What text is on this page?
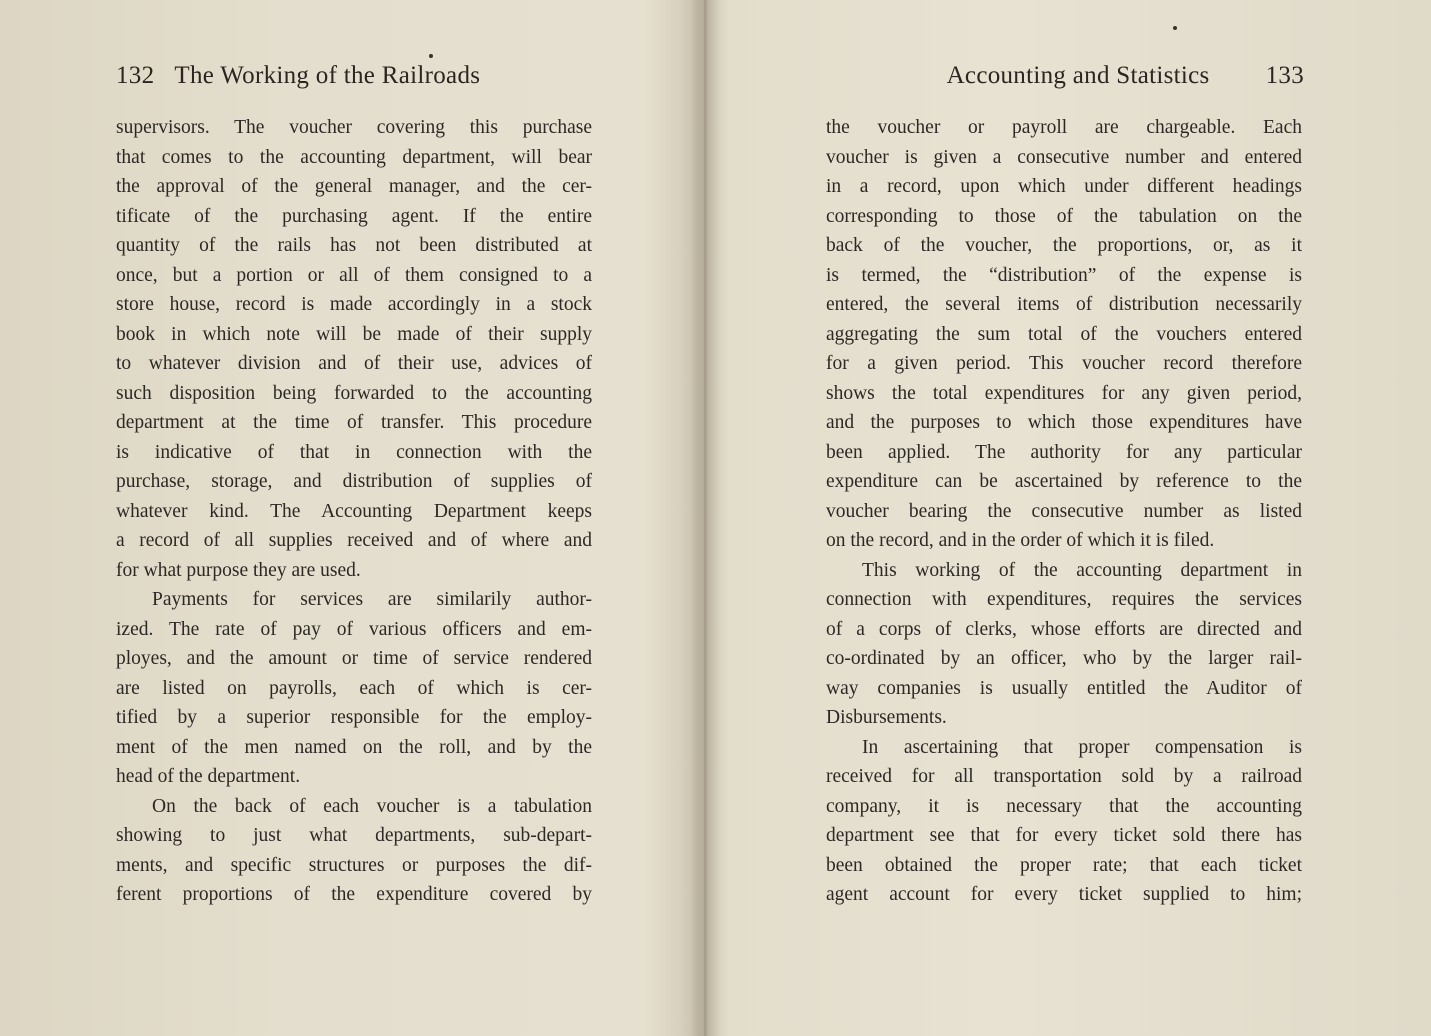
132 The Working of the Railroads
supervisors. The voucher covering this purchase
that comes to the accounting department, will bear
the approval of the general manager, and the cer-
tificate of the purchasing agent. If the entire
quantity of the rails has not been distributed at
once, but a portion or all of them consigned to a
store house, record is made accordingly in a stock
book in which note will be made of their supply
to whatever division and of their use, advices of
such disposition being forwarded to the accounting
department at the time of transfer. This procedure
is indicative of that in connection with the
purchase, storage, and distribution of supplies of
whatever kind. The Accounting Department keeps
a record of all supplies received and of where and
for what purpose they are used.
Payments for services are similarily author-
ized. The rate of pay of various officers and em-
ployes, and the amount or time of service rendered
are listed on payrolls, each of which is cer-
tified by a superior responsible for the employ-
ment of the men named on the roll, and by the
head of the department.
On the back of each voucher is a tabulation
showing to just what departments, sub-depart-
ments, and specific structures or purposes the dif-
ferent proportions of the expenditure covered by
Accounting and Statistics 133
the voucher or payroll are chargeable. Each
voucher is given a consecutive number and entered
in a record, upon which under different headings
corresponding to those of the tabulation on the
back of the voucher, the proportions, or, as it
is termed, the “distribution” of the expense is
entered, the several items of distribution necessarily
aggregating the sum total of the vouchers entered
for a given period. This voucher record therefore
shows the total expenditures for any given period,
and the purposes to which those expenditures have
been applied. The authority for any particular
expenditure can be ascertained by reference to the
voucher bearing the consecutive number as listed
on the record, and in the order of which it is filed.
This working of the accounting department in
connection with expenditures, requires the services
of a corps of clerks, whose efforts are directed and
co-ordinated by an officer, who by the larger rail-
way companies is usually entitled the Auditor of
Disbursements.
In ascertaining that proper compensation is
received for all transportation sold by a railroad
company, it is necessary that the accounting
department see that for every ticket sold there has
been obtained the proper rate; that each ticket
agent account for every ticket supplied to him;
